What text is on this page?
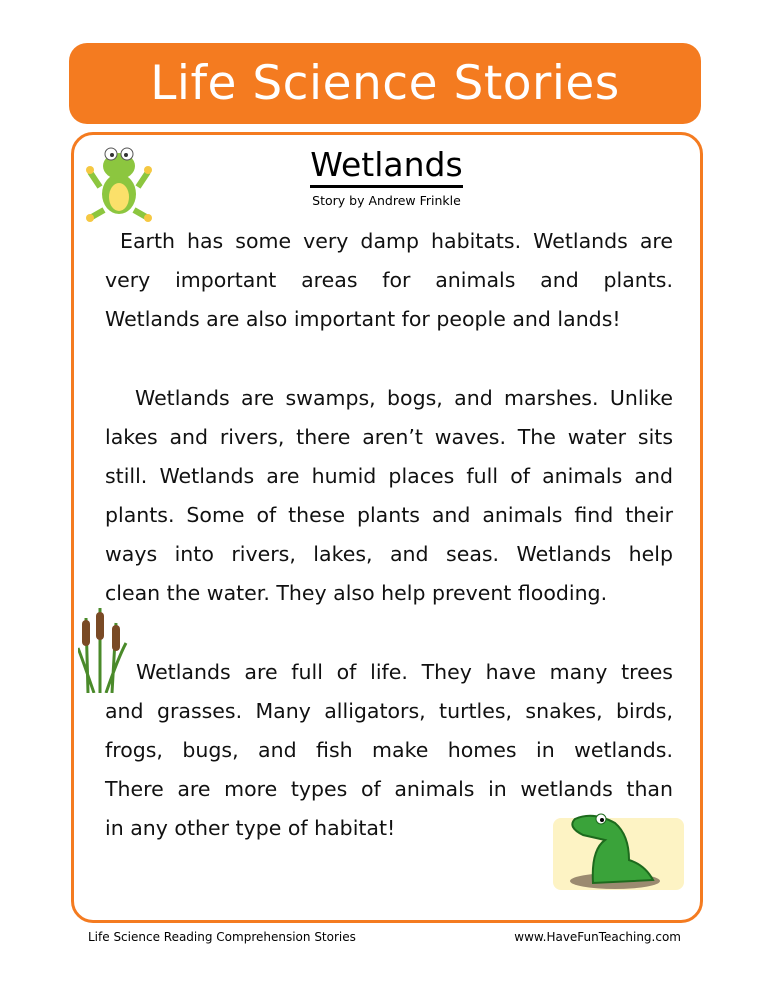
Life Science Stories
Wetlands
Story by Andrew Frinkle
Earth has some very damp habitats. Wetlands are
very important areas for animals and plants.
Wetlands are also important for people and lands!
Wetlands are swamps, bogs, and marshes. Unlike
lakes and rivers, there aren’t waves. The water sits
still. Wetlands are humid places full of animals and
plants. Some of these plants and animals find their
ways into rivers, lakes, and seas. Wetlands help
clean the water. They also help prevent flooding.
Wetlands are full of life. They have many trees
and grasses. Many alligators, turtles, snakes, birds,
frogs, bugs, and fish make homes in wetlands.
There are more types of animals in wetlands than
in any other type of habitat!
Life Science Reading Comprehension Stories	www.HaveFunTeaching.com
